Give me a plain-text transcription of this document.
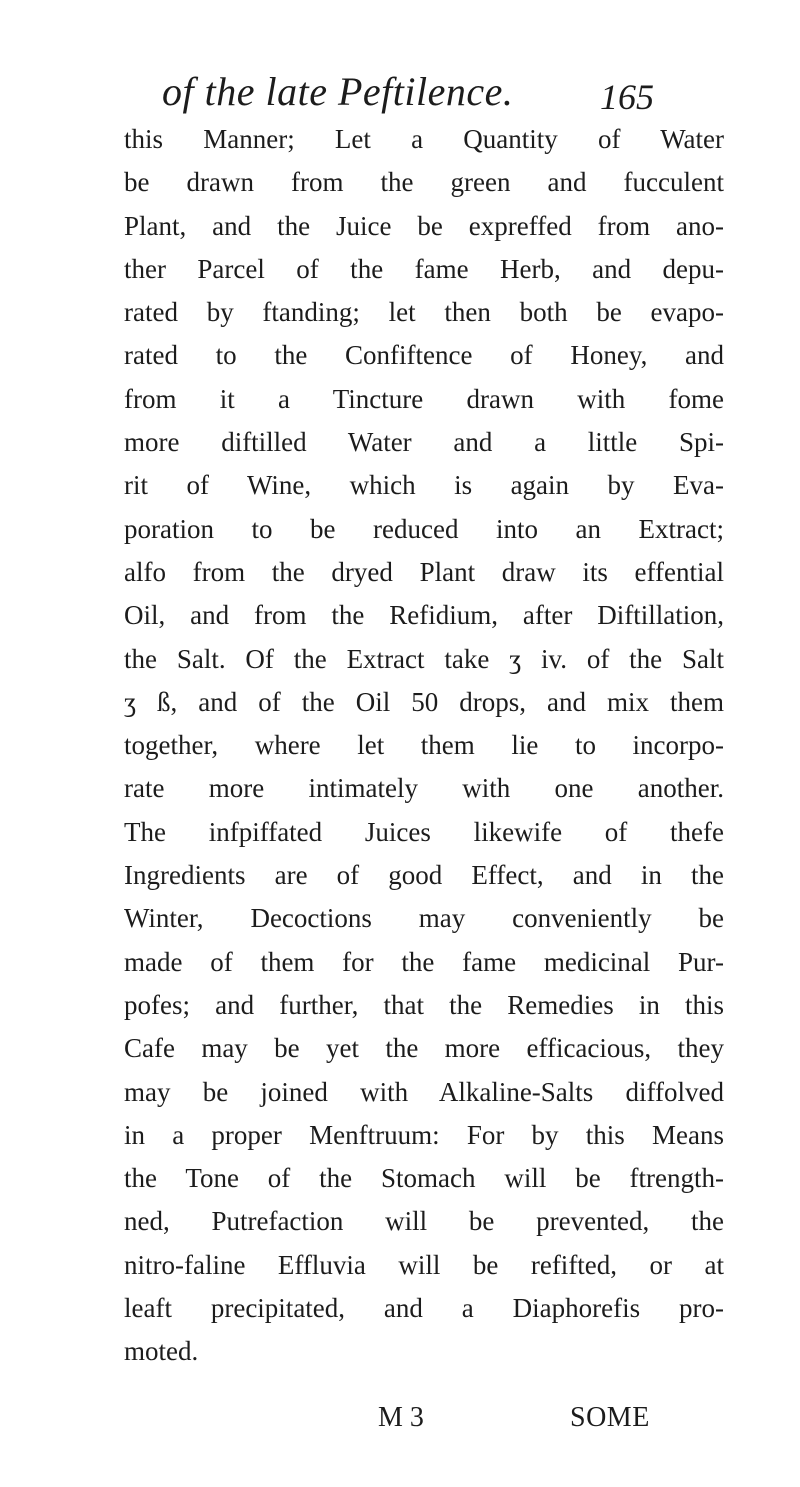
of the late Peftilence. 165
this Manner; Let a Quantity of Water
be drawn from the green and fucculent
Plant, and the Juice be expreffed from ano-
ther Parcel of the fame Herb, and depu-
rated by ftanding; let then both be evapo-
rated to the Confiftence of Honey, and
from it a Tincture drawn with fome
more diftilled Water and a little Spi-
rit of Wine, which is again by Eva-
poration to be reduced into an Extract;
alfo from the dryed Plant draw its effential
Oil, and from the Refidium, after Diftillation,
the Salt. Of the Extract take ʒ iv. of the Salt
ʒ ß, and of the Oil 50 drops, and mix them
together, where let them lie to incorpo-
rate more intimately with one another.
The infpiffated Juices likewife of thefe
Ingredients are of good Effect, and in the
Winter, Decoctions may conveniently be
made of them for the fame medicinal Pur-
pofes; and further, that the Remedies in this
Cafe may be yet the more efficacious, they
may be joined with Alkaline-Salts diffolved
in a proper Menftruum: For by this Means
the Tone of the Stomach will be ftrength-
ned, Putrefaction will be prevented, the
nitro-faline Effluvia will be refifted, or at
leaft precipitated, and a Diaphorefis pro-
moted.
M 3	SOME
